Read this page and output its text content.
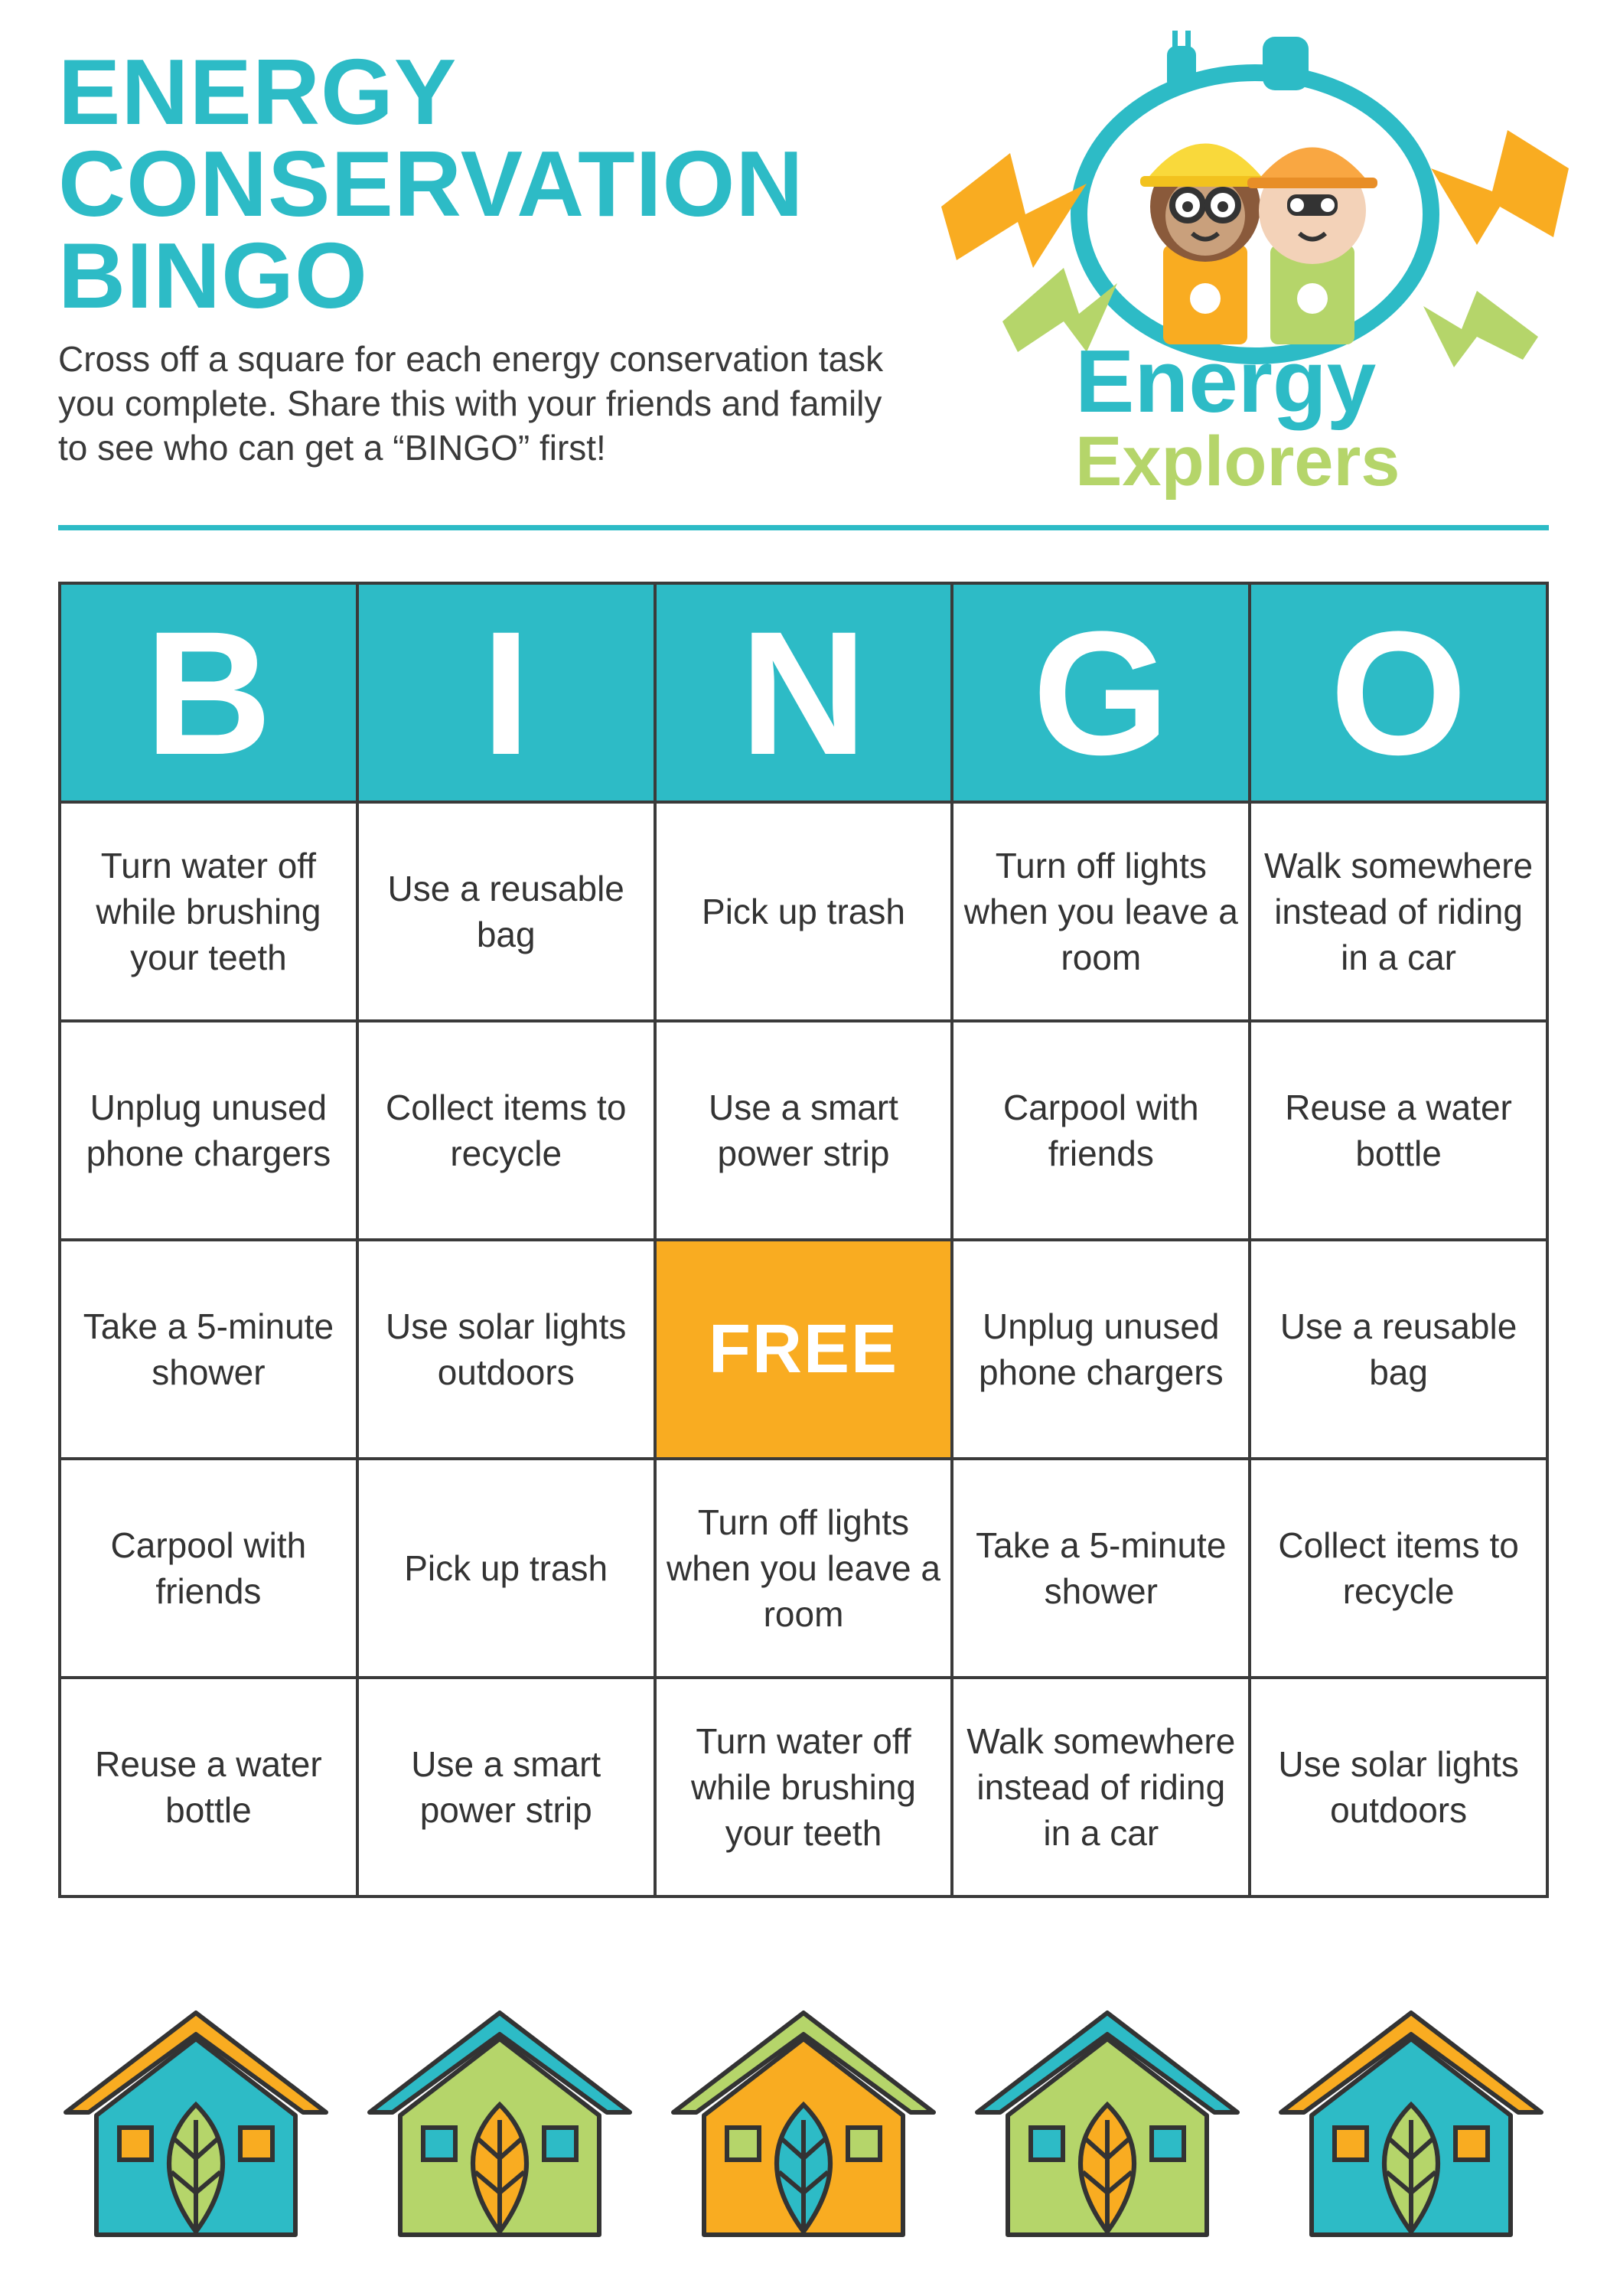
ENERGY
CONSERVATION
BINGO

Cross off a square for each energy conservation task you complete. Share this with your friends and family to see who can get a “BINGO” first!

Energy
Explorers
B	I	N	G	O
Turn water off while brushing your teeth	Use a reusable bag	Pick up trash	Turn off lights when you leave a room	Walk somewhere instead of riding in a car
Unplug unused phone chargers	Collect items to recycle	Use a smart power strip	Carpool with friends	Reuse a water bottle
Take a 5-minute shower	Use solar lights outdoors	FREE	Unplug unused phone chargers	Use a reusable bag
Carpool with friends	Pick up trash	Turn off lights when you leave a room	Take a 5-minute shower	Collect items to recycle
Reuse a water bottle	Use a smart power strip	Turn water off while brushing your teeth	Walk somewhere instead of riding in a car	Use solar lights outdoors
